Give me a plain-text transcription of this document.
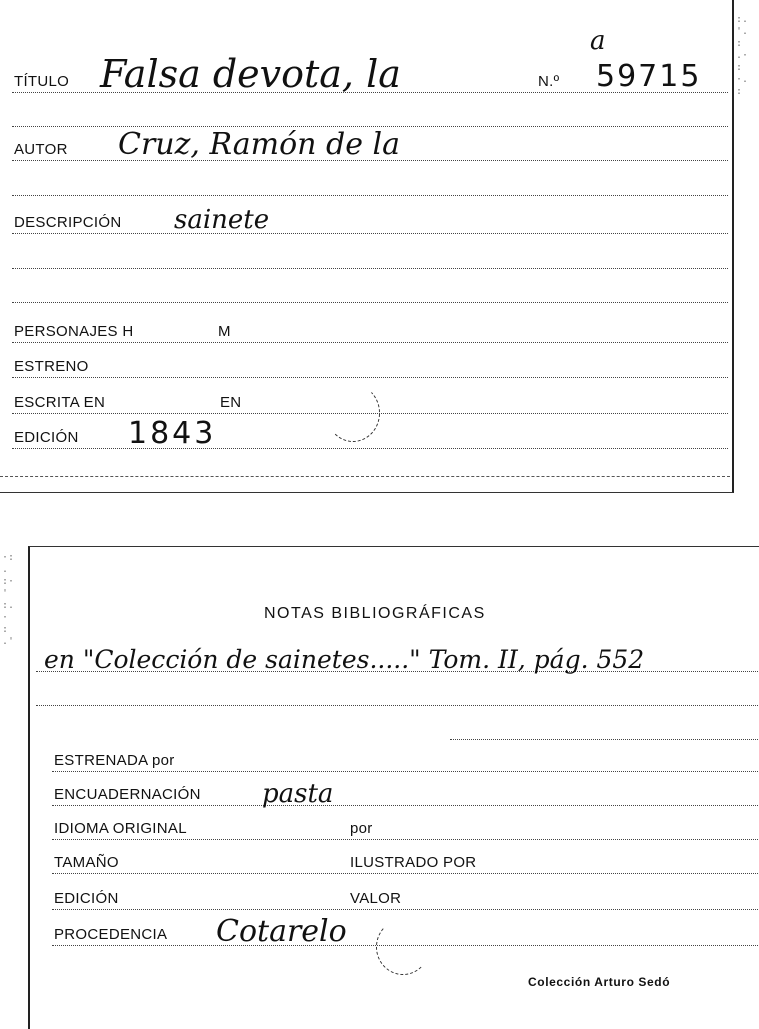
TÍTULO Falsa devota, la	N.º 59715
a
AUTOR Cruz, Ramón de la
DESCRIPCIÓN sainete
PERSONAJES H	M
ESTRENO
ESCRITA EN	EN
EDICIÓN 1843
:.
'.
:
.·
:
·.
:
NOTAS BIBLIOGRÁFICAS
en "Colección de sainetes....." Tom. II, pág. 552
ESTRENADA por
ENCUADERNACIÓN pasta
IDIOMA ORIGINAL	por
TAMAÑO	ILUSTRADO POR
EDICIÓN	VALOR
PROCEDENCIA Cotarelo
Colección Arturo Sedó
·:
.
:·
'
:.
·
:
.'
